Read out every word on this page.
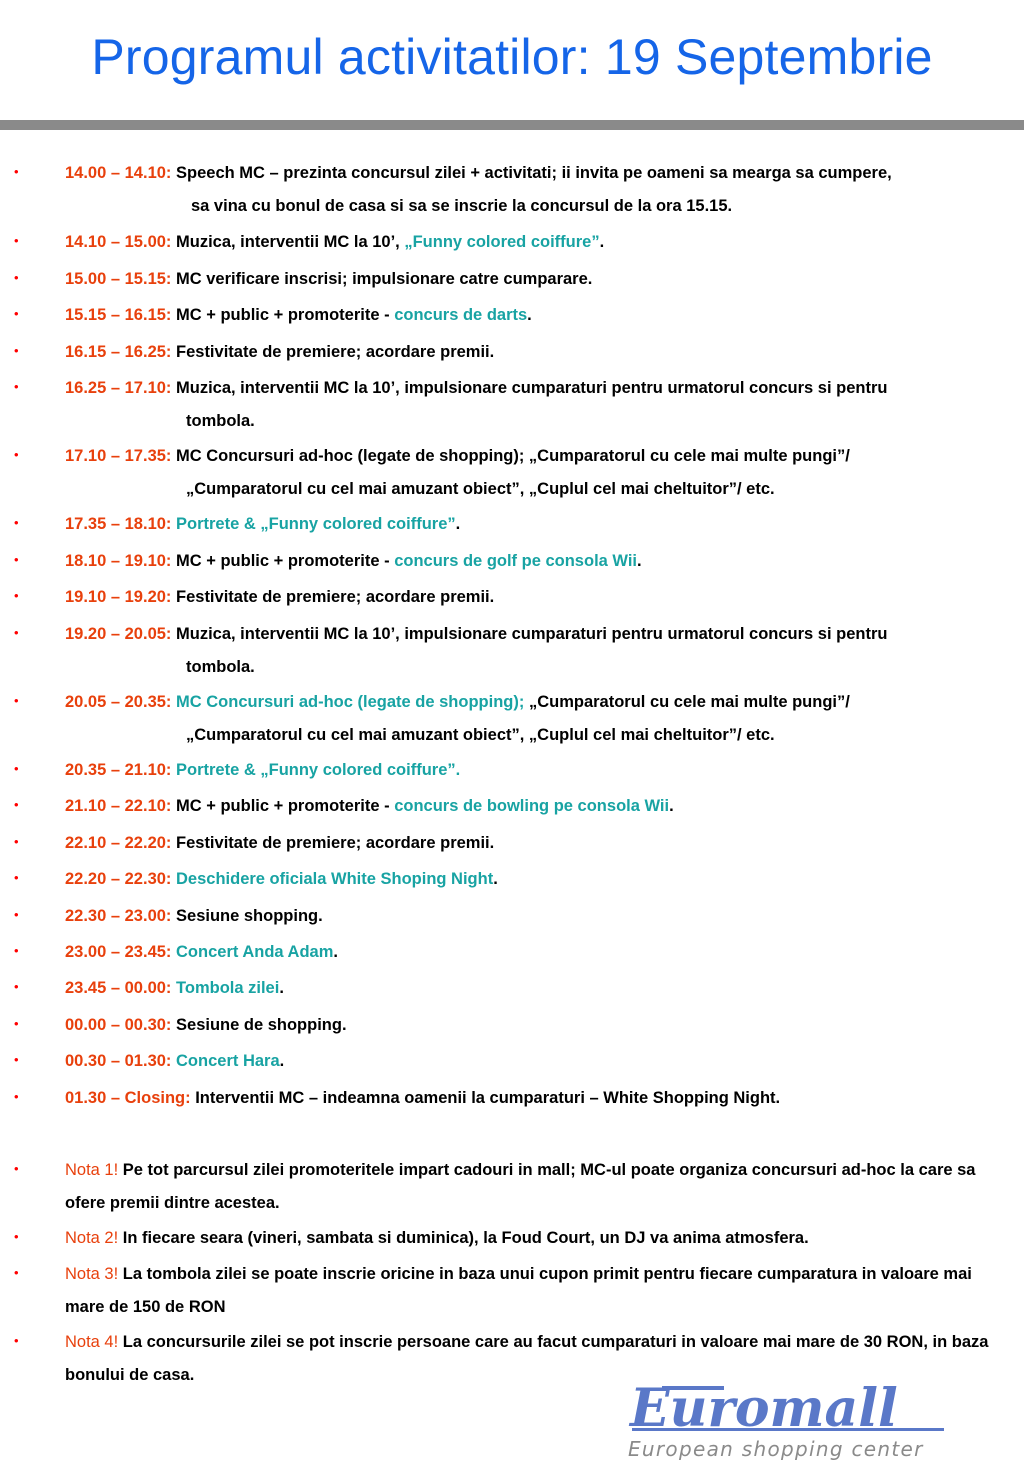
Programul activitatilor: 19 Septembrie
•	14.00 – 14.10: Speech MC – prezinta concursul zilei + activitati; ii invita pe oameni sa mearga sa cumpere,
sa vina cu bonul de casa si sa se inscrie la concursul de la ora 15.15.
•	14.10 – 15.00: Muzica, interventii MC la 10’, „Funny colored coiffure”.
•	15.00 – 15.15: MC verificare inscrisi; impulsionare catre cumparare.
•	15.15 – 16.15: MC + public + promoterite - concurs de darts.
•	16.15 – 16.25: Festivitate de premiere; acordare premii.
•	16.25 – 17.10: Muzica, interventii MC la 10’, impulsionare cumparaturi pentru urmatorul concurs si pentru
tombola.
•	17.10 – 17.35: MC Concursuri ad-hoc (legate de shopping); „Cumparatorul cu cele mai multe pungi”/
„Cumparatorul cu cel mai amuzant obiect”, „Cuplul cel mai cheltuitor”/ etc.
•	17.35 – 18.10: Portrete & „Funny colored coiffure”.
•	18.10 – 19.10: MC + public + promoterite - concurs de golf pe consola Wii.
•	19.10 – 19.20: Festivitate de premiere; acordare premii.
•	19.20 – 20.05: Muzica, interventii MC la 10’, impulsionare cumparaturi pentru urmatorul concurs si pentru
tombola.
•	20.05 – 20.35: MC Concursuri ad-hoc (legate de shopping); „Cumparatorul cu cele mai multe pungi”/
„Cumparatorul cu cel mai amuzant obiect”, „Cuplul cel mai cheltuitor”/ etc.
•	20.35 – 21.10: Portrete & „Funny colored coiffure”.
•	21.10 – 22.10: MC + public + promoterite - concurs de bowling pe consola Wii.
•	22.10 – 22.20: Festivitate de premiere; acordare premii.
•	22.20 – 22.30: Deschidere oficiala White Shoping Night.
•	22.30 – 23.00: Sesiune shopping.
•	23.00 – 23.45: Concert Anda Adam.
•	23.45 – 00.00: Tombola zilei.
•	00.00 – 00.30: Sesiune de shopping.
•	00.30 – 01.30: Concert Hara.
•	01.30 – Closing: Interventii MC – indeamna oamenii la cumparaturi – White Shopping Night.
•	Nota 1! Pe tot parcursul zilei promoteritele impart cadouri in mall; MC-ul poate organiza concursuri ad-hoc la care sa ofere premii dintre acestea.
•	Nota 2! In fiecare seara (vineri, sambata si duminica), la Foud Court, un DJ va anima atmosfera.
•	Nota 3! La tombola zilei se poate inscrie oricine in baza unui cupon primit pentru fiecare cumparatura in valoare mai mare de 150 de RON
•	Nota 4! La concursurile zilei se pot inscrie persoane care au facut cumparaturi in valoare mai mare de 30 RON, in baza bonului de casa.
Euromall
European shopping center
